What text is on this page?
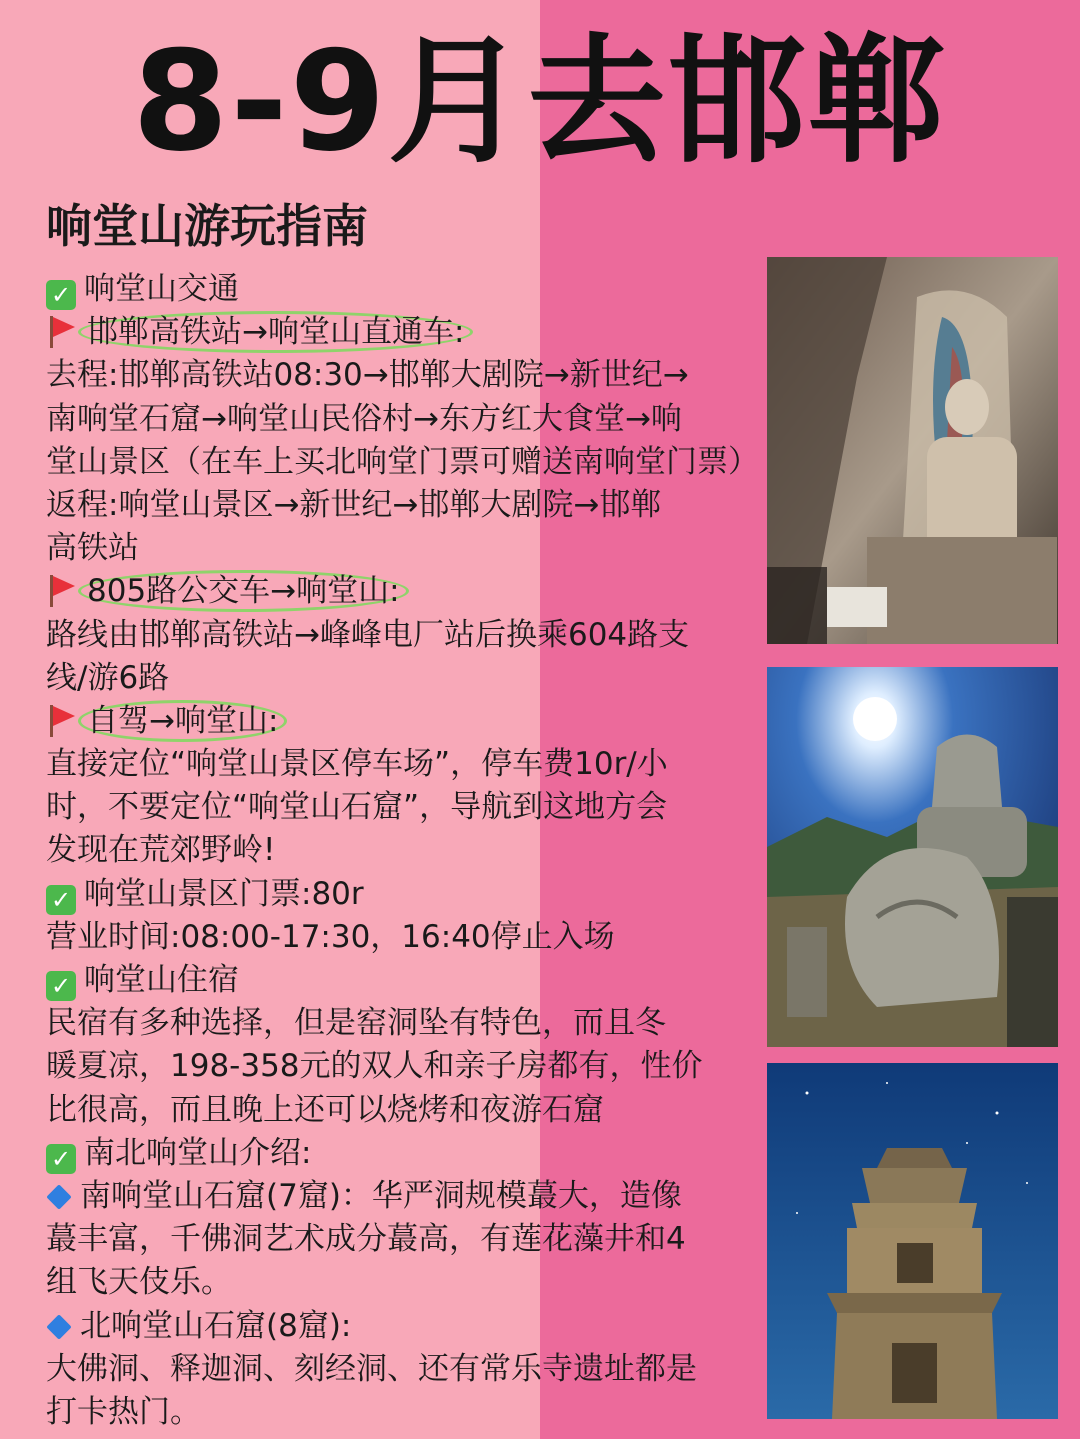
8-9月去邯郸
响堂山游玩指南
✓ 响堂山交通
邯郸高铁站→响堂山直通车:
去程:邯郸高铁站08:30→邯郸大剧院→新世纪→
南响堂石窟→响堂山民俗村→东方红大食堂→响
堂山景区（在车上买北响堂门票可赠送南响堂门票）
返程:响堂山景区→新世纪→邯郸大剧院→邯郸
高铁站
805路公交车→响堂山:
路线由邯郸高铁站→峰峰电厂站后换乘604路支
线/游6路
自驾→响堂山:
直接定位“响堂山景区停车场”，停车费10r/小
时，不要定位“响堂山石窟”，导航到这地方会
发现在荒郊野岭!
✓ 响堂山景区门票:80r
营业时间:08:00-17:30，16:40停止入场
✓ 响堂山住宿
民宿有多种选择，但是窑洞坠有特色，而且冬
暖夏凉，198-358元的双人和亲子房都有，性价
比很高，而且晚上还可以烧烤和夜游石窟
✓ 南北响堂山介绍:
南响堂山石窟(7窟)：华严洞规模蕞大，造像
蕞丰富，千佛洞艺术成分蕞高，有莲花藻井和4
组飞天伎乐。
北响堂山石窟(8窟):
大佛洞、释迦洞、刻经洞、还有常乐寺遗址都是
打卡热门。
